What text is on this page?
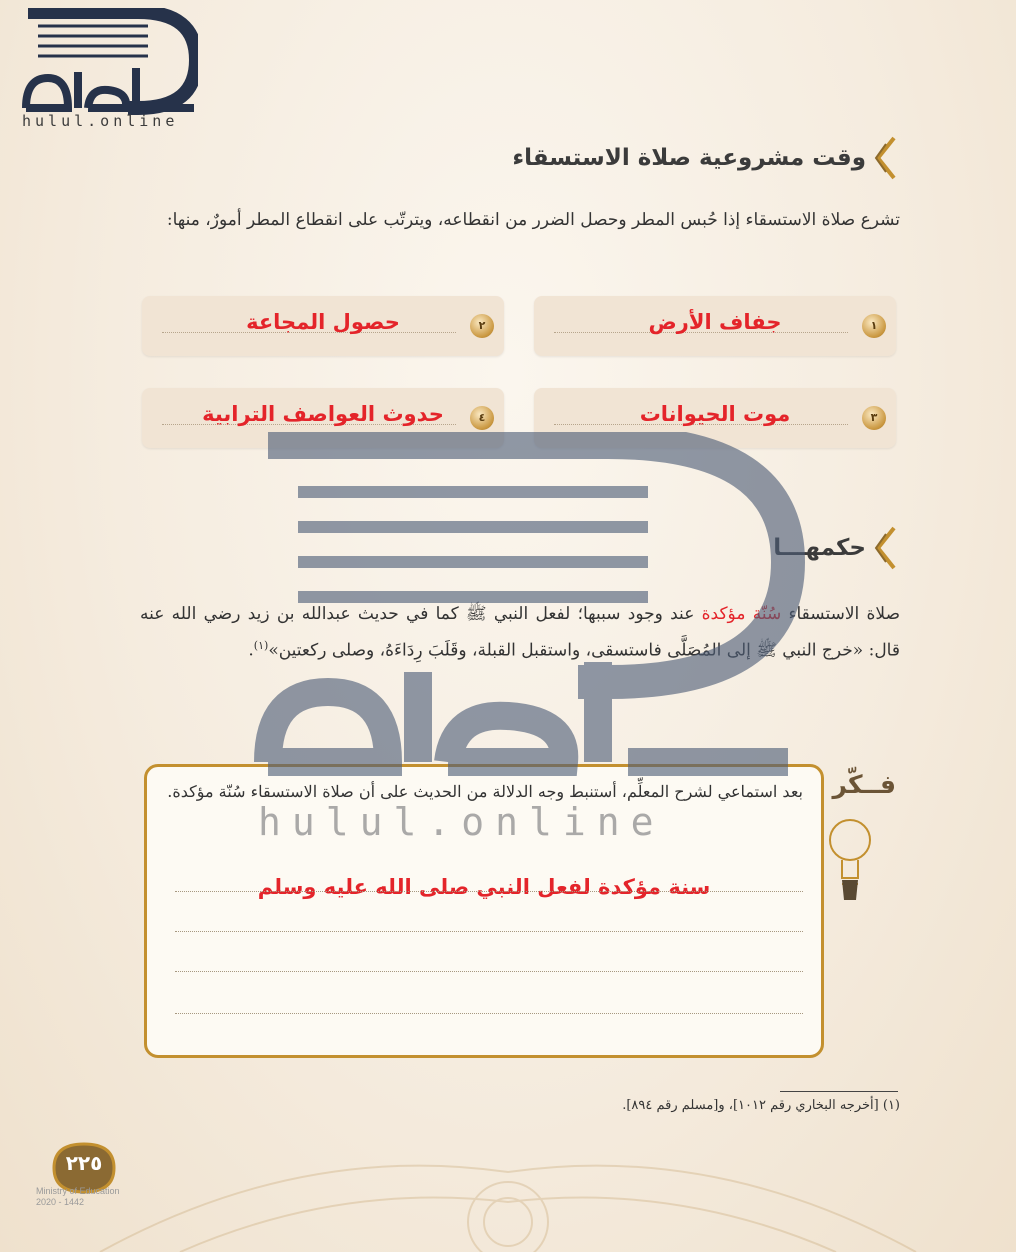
hulul.online
وقت مشروعية صلاة الاستسقاء
تشرع صلاة الاستسقاء إذا حُبس المطر وحصل الضرر من انقطاعه، ويترتّب على انقطاع المطر أمورٌ، منها:
١
جفاف الأرض
٢
حصول المجاعة
٣
موت الحيوانات
٤
حدوث العواصف الترابية
حكمهـــا
صلاة الاستسقاء سُنّة مؤكدة عند وجود سببها؛ لفعل النبي ﷺ كما في حديث عبدالله بن زيد رضي الله عنه قال: «خرج النبي ﷺ إلى المُصَلَّى فاستسقى، واستقبل القبلة، وقَلَبَ رِدَاءَهُ، وصلى ركعتين»$^{(١)}$.
فــكّر
بعد استماعي لشرح المعلِّم، أستنبط وجه الدلالة من الحديث على أن صلاة الاستسقاء سُنّة مؤكدة.
سنة مؤكدة لفعل النبي صلى الله عليه وسلم
hulul.online
(١) [أخرجه البخاري رقم ١٠١٢]، و[مسلم رقم ٨٩٤].
٢٢٥
Ministry of Education
2020 - 1442
